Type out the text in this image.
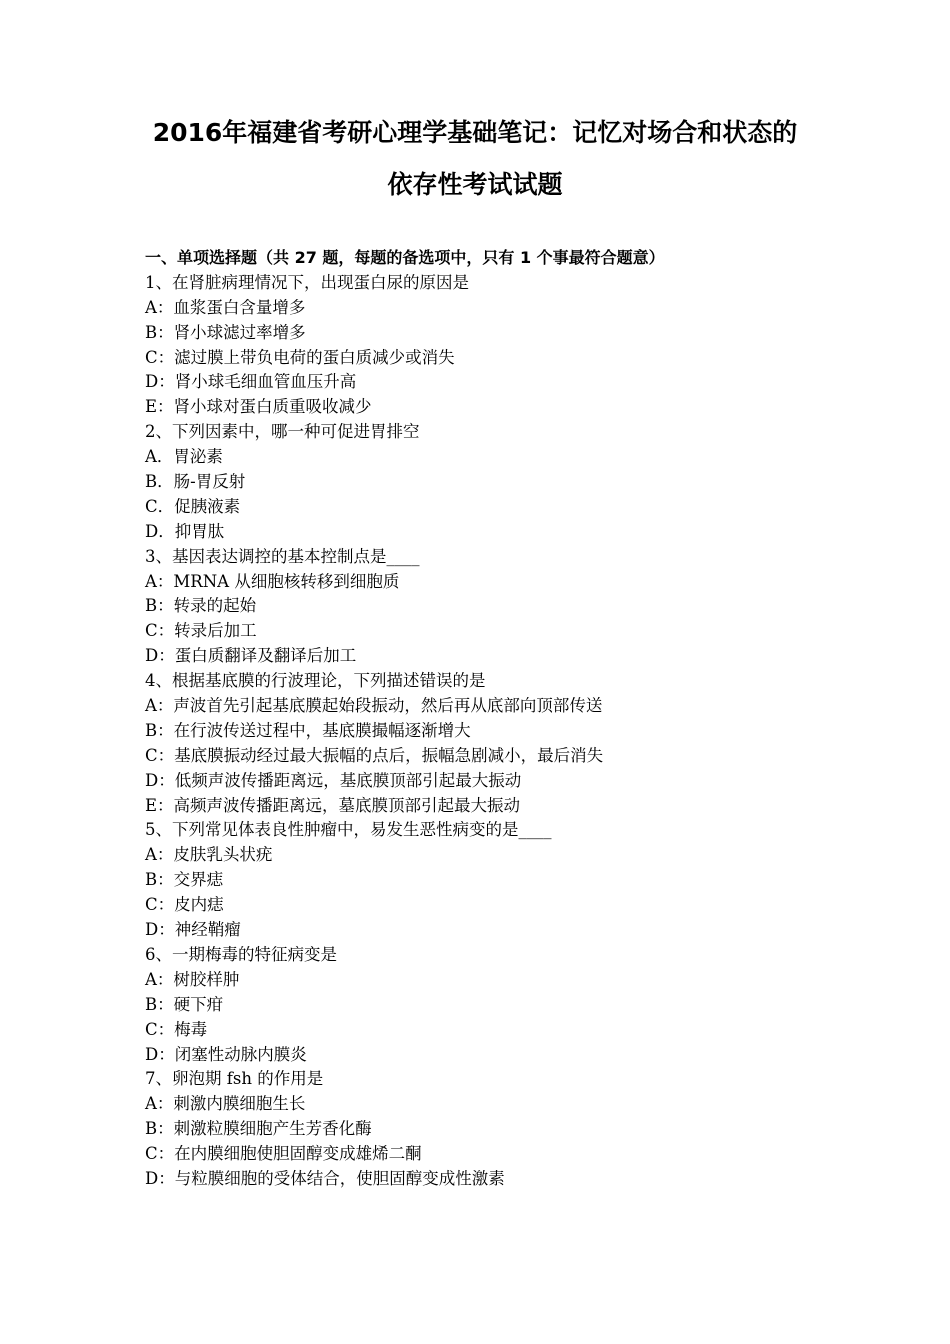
2016年福建省考研心理学基础笔记：记忆对场合和状态的
依存性考试试题
一、单项选择题（共 27 题，每题的备选项中，只有 1 个事最符合题意）
1、在肾脏病理情况下，出现蛋白尿的原因是
A：血浆蛋白含量增多
B：肾小球滤过率增多
C：滤过膜上带负电荷的蛋白质减少或消失
D：肾小球毛细血管血压升高
E：肾小球对蛋白质重吸收减少
2、下列因素中，哪一种可促进胃排空
A．胃泌素
B．肠-胃反射
C．促胰液素
D．抑胃肽
3、基因表达调控的基本控制点是____
A：MRNA 从细胞核转移到细胞质
B：转录的起始
C：转录后加工
D：蛋白质翻译及翻译后加工
4、根据基底膜的行波理论，下列描述错误的是
A：声波首先引起基底膜起始段振动，然后再从底部向顶部传送
B：在行波传送过程中，基底膜撮幅逐渐增大
C：基底膜振动经过最大振幅的点后，振幅急剧减小，最后消失
D：低频声波传播距离远，基底膜顶部引起最大振动
E：高频声波传播距离远，墓底膜顶部引起最大振动
5、下列常见体表良性肿瘤中，易发生恶性病变的是____
A：皮肤乳头状疣
B：交界痣
C：皮内痣
D：神经鞘瘤
6、一期梅毒的特征病变是
A：树胶样肿
B：硬下疳
C：梅毒
D：闭塞性动脉内膜炎
7、卵泡期 fsh 的作用是
A：刺激内膜细胞生长
B：刺激粒膜细胞产生芳香化酶
C：在内膜细胞使胆固醇变成雄烯二酮
D：与粒膜细胞的受体结合，使胆固醇变成性激素
